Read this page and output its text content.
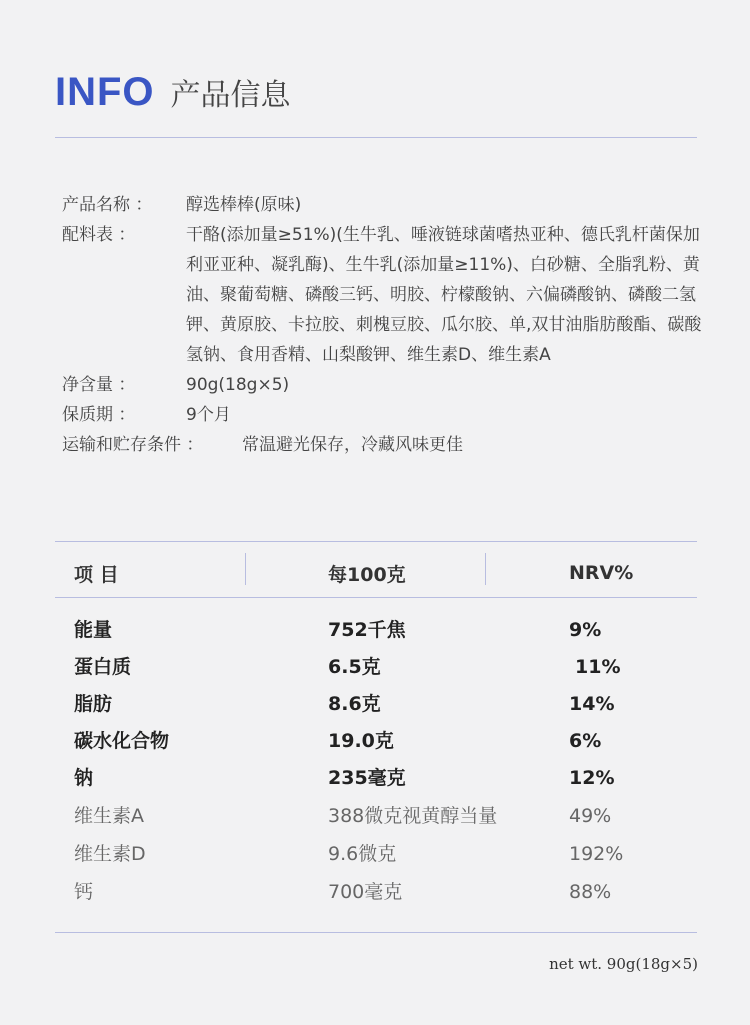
INFO 产品信息
产品名称 ：	醇选棒棒(原味)
配料表 ：	干酪(添加量≥51%)(生牛乳、唾液链球菌嗜热亚种、德氏乳杆菌保加利亚亚种、凝乳酶)、生牛乳(添加量≥11%)、白砂糖、全脂乳粉、黄油、聚葡萄糖、磷酸三钙、明胶、柠檬酸钠、六偏磷酸钠、磷酸二氢钾、黄原胶、卡拉胶、刺槐豆胶、瓜尔胶、单,双甘油脂肪酸酯、碳酸氢钠、食用香精、山梨酸钾、维生素D、维生素A
净含量 ：	90g(18g×5)
保质期 ：	9个月
运输和贮存条件 ：	常温避光保存，冷藏风味更佳
项 目	每100克	NRV%
能量	752千焦	9%
蛋白质	6.5克	11%
脂肪	8.6克	14%
碳水化合物	19.0克	6%
钠	235毫克	12%
维生素A	388微克视黄醇当量	49%
维生素D	9.6微克	192%
钙	700毫克	88%
net wt. 90g(18g×5)
